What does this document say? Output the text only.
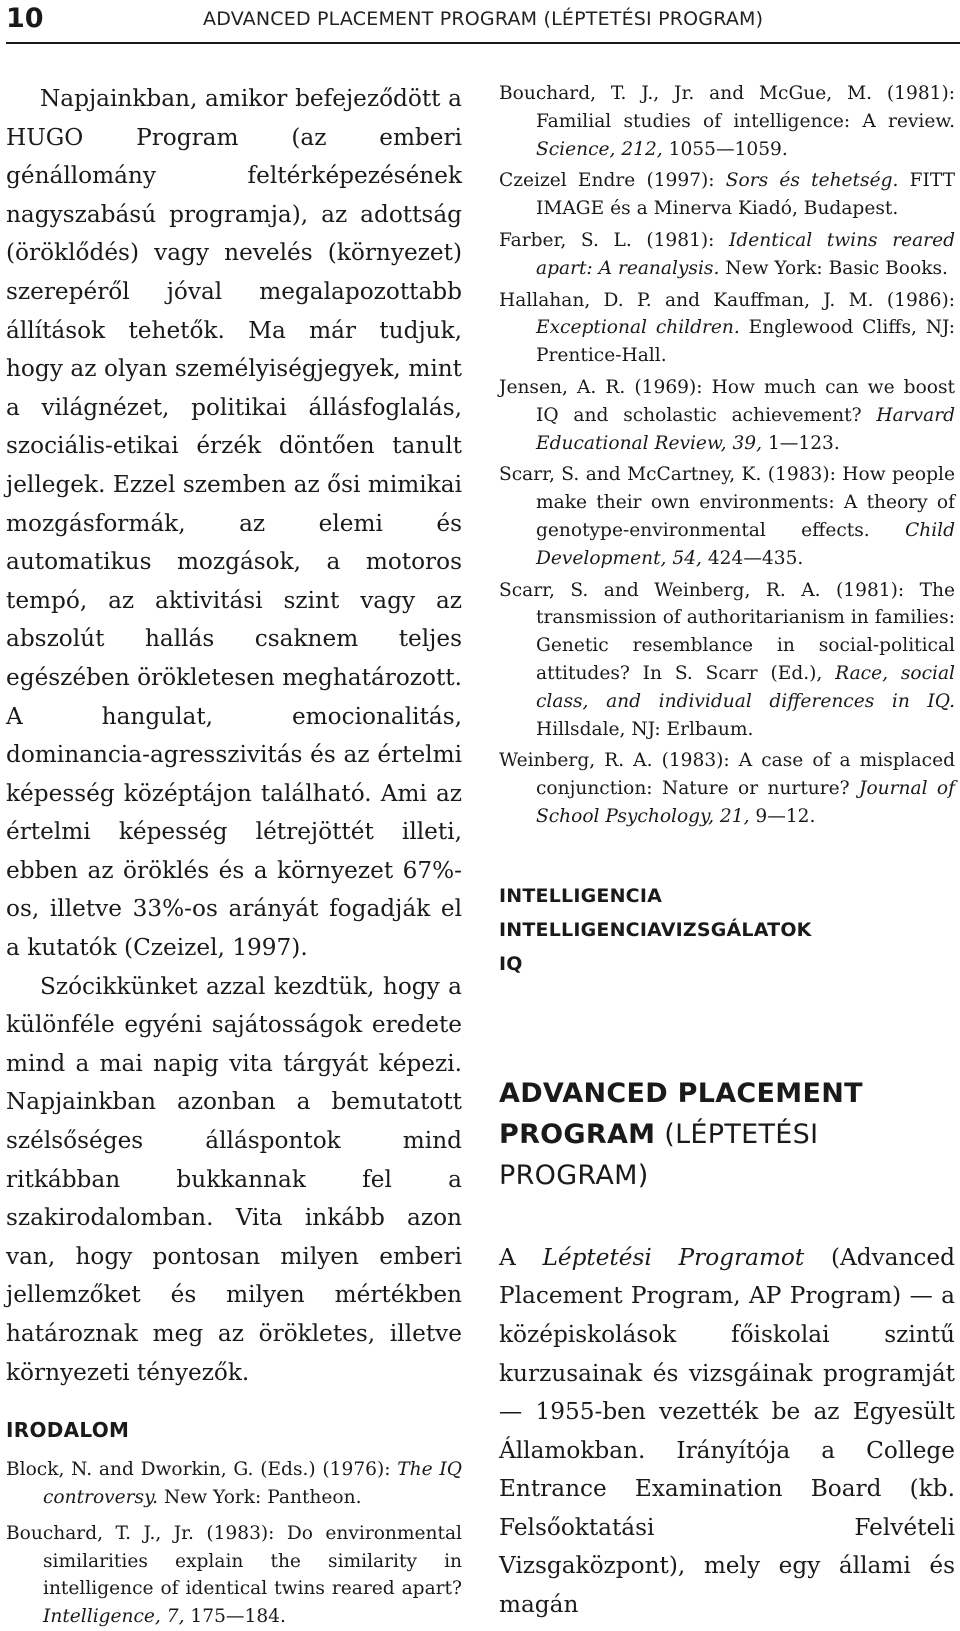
10	ADVANCED PLACEMENT PROGRAM (LÉPTETÉSI PROGRAM)

Napjainkban, amikor befejeződött a HUGO Program (az emberi génállomány feltérképezésének nagyszabású programja), az adottság (öröklődés) vagy nevelés (környezet) szerepéről jóval megalapozottabb állítások tehetők. Ma már tudjuk, hogy az olyan személyiségjegyek, mint a világnézet, politikai állásfoglalás, szociális-etikai érzék döntően tanult jellegek. Ezzel szemben az ősi mimikai mozgásformák, az elemi és automatikus mozgások, a motoros tempó, az aktivitási szint vagy az abszolút hallás csaknem teljes egészében örökletesen meghatározott. A hangulat, emocionalitás, dominancia-agresszivitás és az értelmi képesség középtájon található. Ami az értelmi képesség létrejöttét illeti, ebben az öröklés és a környezet 67%-os, illetve 33%-os arányát fogadják el a kutatók (Czeizel, 1997).

Szócikkünket azzal kezdtük, hogy a különféle egyéni sajátosságok eredete mind a mai napig vita tárgyát képezi. Napjainkban azonban a bemutatott szélsőséges álláspontok mind ritkábban bukkannak fel a szakirodalomban. Vita inkább azon van, hogy pontosan milyen emberi jellemzőket és milyen mértékben határoznak meg az örökletes, illetve környezeti tényezők.

IRODALOM
Block, N. and Dworkin, G. (Eds.) (1976): The IQ controversy. New York: Pantheon.
Bouchard, T. J., Jr. (1983): Do environmental similarities explain the similarity in intelligence of identical twins reared apart? Intelligence, 7, 175—184.
Bouchard, T. J., Jr. and McGue, M. (1981): Familial studies of intelligence: A review. Science, 212, 1055—1059.
Czeizel Endre (1997): Sors és tehetség. FITT IMAGE és a Minerva Kiadó, Budapest.
Farber, S. L. (1981): Identical twins reared apart: A reanalysis. New York: Basic Books.
Hallahan, D. P. and Kauffman, J. M. (1986): Exceptional children. Englewood Cliffs, NJ: Prentice-Hall.
Jensen, A. R. (1969): How much can we boost IQ and scholastic achievement? Harvard Educational Review, 39, 1—123.
Scarr, S. and McCartney, K. (1983): How people make their own environments: A theory of genotype-environmental effects. Child Development, 54, 424—435.
Scarr, S. and Weinberg, R. A. (1981): The transmission of authoritarianism in families: Genetic resemblance in social-political attitudes? In S. Scarr (Ed.), Race, social class, and individual differences in IQ. Hillsdale, NJ: Erlbaum.
Weinberg, R. A. (1983): A case of a misplaced conjunction: Nature or nurture? Journal of School Psychology, 21, 9—12.
INTELLIGENCIA
INTELLIGENCIAVIZSGÁLATOK
IQ
ADVANCED PLACEMENT PROGRAM (LÉPTETÉSI PROGRAM)

A Léptetési Programot (Advanced Placement Program, AP Program) — a középiskolások főiskolai szintű kurzusainak és vizsgáinak programját — 1955-ben vezették be az Egyesült Államokban. Irányítója a College Entrance Examination Board (kb. Felsőoktatási Felvételi Vizsgaközpont), mely egy állami és magán
